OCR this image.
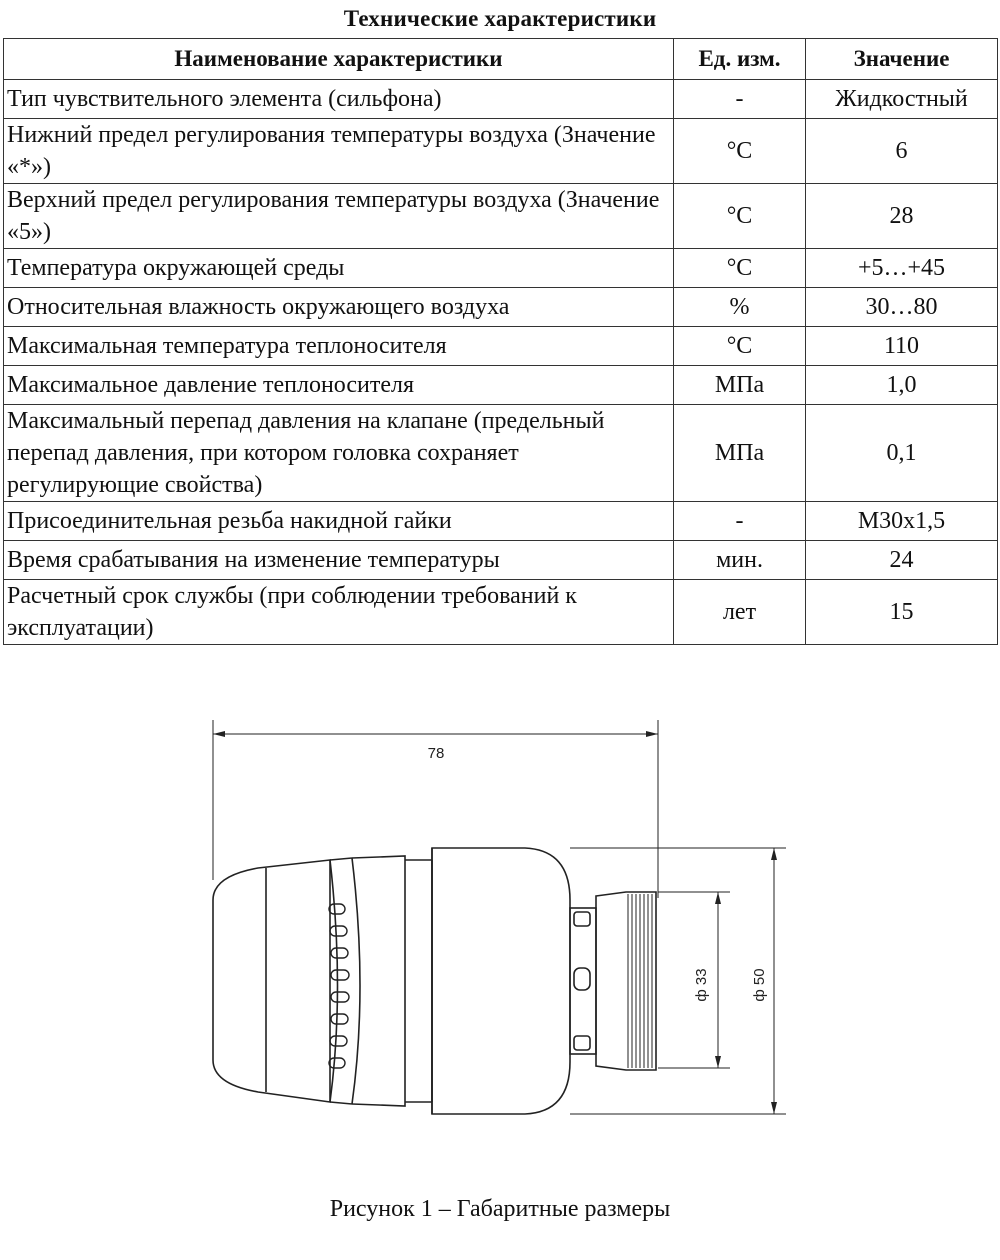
Технические характеристики
Наименование характеристики	Ед. изм.	Значение
Тип чувствительного элемента (сильфона)	-	Жидкостный
Нижний предел регулирования температуры воздуха (Значение «*»)	°С	6
Верхний предел регулирования температуры воздуха (Значение «5»)	°С	28
Температура окружающей среды	°С	+5…+45
Относительная влажность окружающего воздуха	%	30…80
Максимальная температура теплоносителя	°С	110
Максимальное давление теплоносителя	МПа	1,0
Максимальный перепад давления на клапане (предельный перепад давления, при котором головка сохраняет регулирующие свойства)	МПа	0,1
Присоединительная резьба накидной гайки	-	M30x1,5
Время срабатывания на изменение температуры	мин.	24
Расчетный срок службы (при соблюдении требований к эксплуатации)	лет	15
78
ф 33	ф 50
Рисунок 1 – Габаритные размеры
